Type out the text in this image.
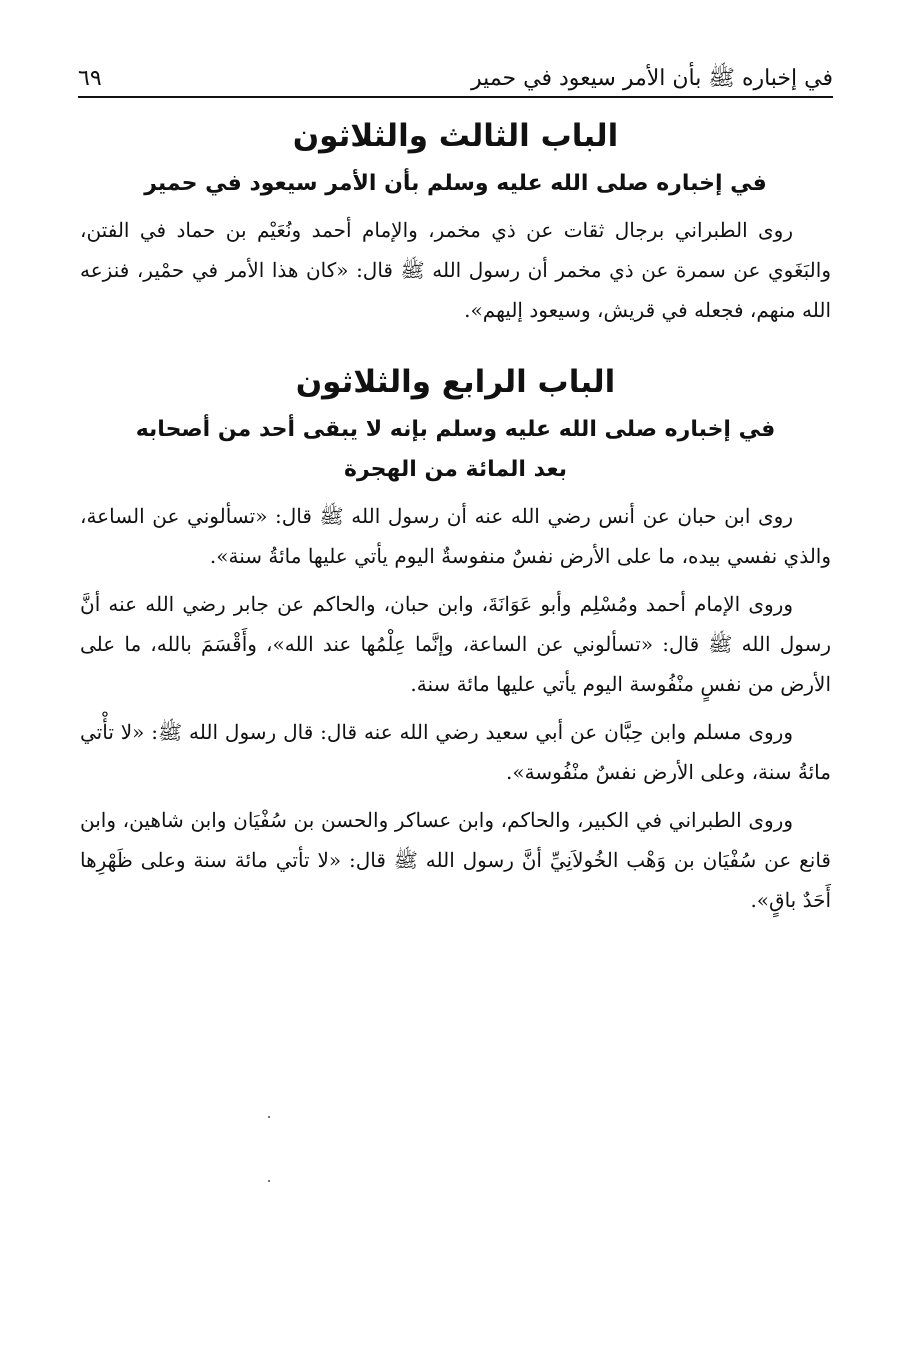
في إخباره ﷺ بأن الأمر سيعود في حمير
٦٩
الباب الثالث والثلاثون
في إخباره صلى الله عليه وسلم بأن الأمر سيعود في حمير

روى الطبراني برجال ثقات عن ذي مخمر، والإمام أحمد ونُعَيْم بن حماد في الفتن، والبَغَوي عن سمرة عن ذي مخمر أن رسول الله ﷺ قال: «كان هذا الأمر في حمْير، فنزعه الله منهم، فجعله في قريش، وسيعود إليهم».

الباب الرابع والثلاثون
في إخباره صلى الله عليه وسلم بإنه لا يبقى أحد من أصحابه
بعد المائة من الهجرة

روى ابن حبان عن أنس رضي الله عنه أن رسول الله ﷺ قال: «تسألوني عن الساعة، والذي نفسي بيده، ما على الأرض نفسٌ منفوسةٌ اليوم يأتي عليها مائةُ سنة».

وروى الإمام أحمد ومُسْلِم وأبو عَوَانَةَ، وابن حبان، والحاكم عن جابر رضي الله عنه أنَّ رسول الله ﷺ قال: «تسألوني عن الساعة، وإنَّما عِلْمُها عند الله»، وأَقْسَمَ بالله، ما على الأرض من نفسٍ منْفُوسة اليوم يأتي عليها مائة سنة.

وروى مسلم وابن حِبَّان عن أبي سعيد رضي الله عنه قال: قال رسول الله ﷺ: «لا تأْتي مائةُ سنة، وعلى الأرض نفسٌ منْفُوسة».

وروى الطبراني في الكبير، والحاكم، وابن عساكر والحسن بن سُفْيَان وابن شاهين، وابن قانع عن سُفْيَان بن وَهْب الخُولاَنِيِّ أنَّ رسول الله ﷺ قال: «لا تأتي مائة سنة وعلى ظَهْرِها أَحَدٌ باقٍ».
